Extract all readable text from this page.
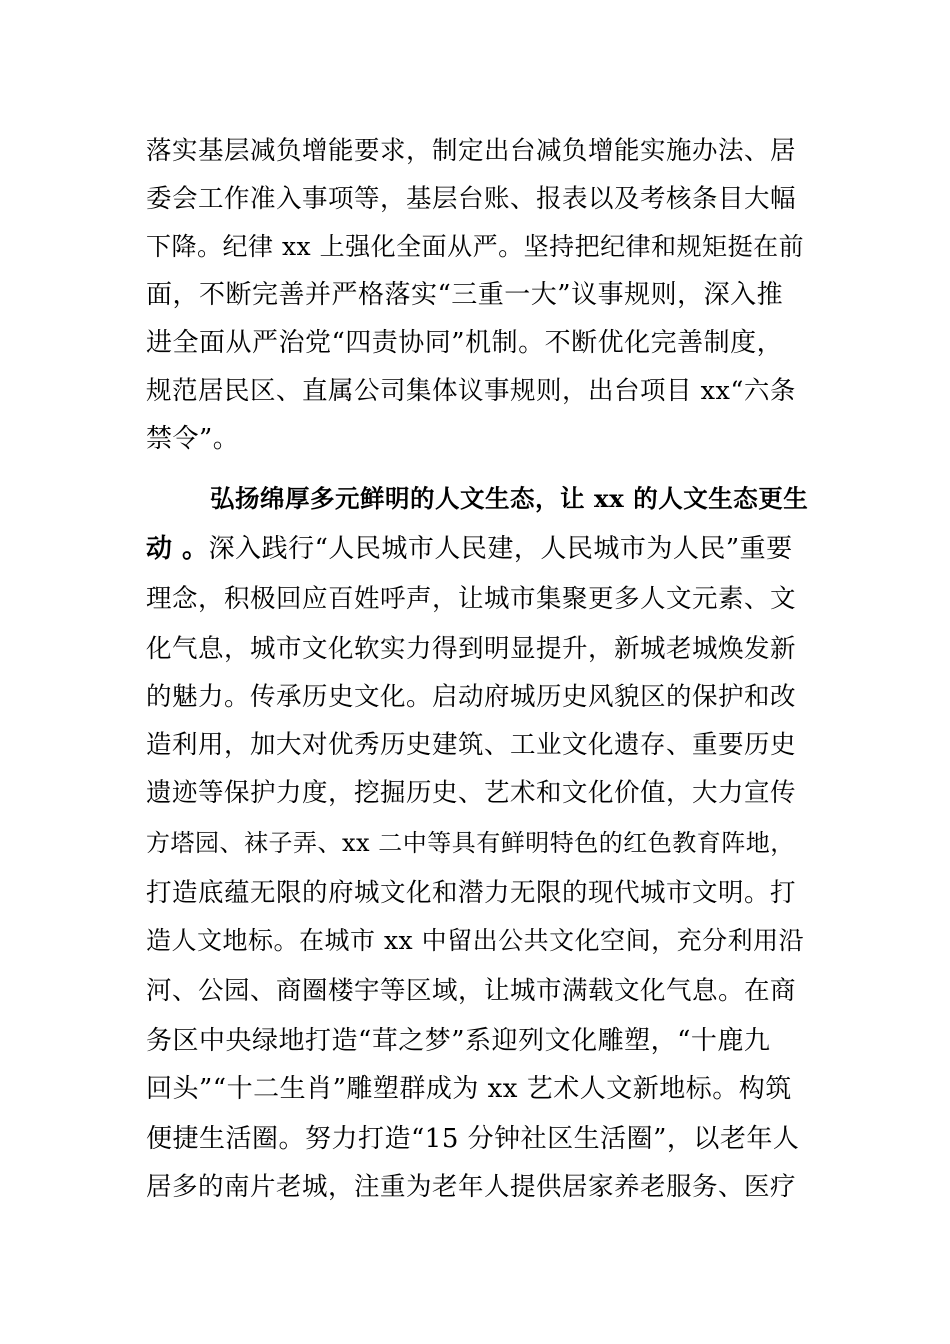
落实基层减负增能要求，制定出台减负增能实施办法、居
委会工作准入事项等，基层台账、报表以及考核条目大幅
下降。纪律 xx 上强化全面从严。坚持把纪律和规矩挺在前
面，不断完善并严格落实“三重一大”议事规则，深入推
进全面从严治党“四责协同”机制。不断优化完善制度，
规范居民区、直属公司集体议事规则，出台项目 xx“六条
禁令”。
弘扬绵厚多元鲜明的人文生态，让 xx 的人文生态更生
动 。深入践行“人民城市人民建，人民城市为人民”重要
理念，积极回应百姓呼声，让城市集聚更多人文元素、文
化气息，城市文化软实力得到明显提升，新城老城焕发新
的魅力。传承历史文化。启动府城历史风貌区的保护和改
造利用，加大对优秀历史建筑、工业文化遗存、重要历史
遗迹等保护力度，挖掘历史、艺术和文化价值，大力宣传
方塔园、袜子弄、xx 二中等具有鲜明特色的红色教育阵地，
打造底蕴无限的府城文化和潜力无限的现代城市文明。打
造人文地标。在城市 xx 中留出公共文化空间，充分利用沿
河、公园、商圈楼宇等区域，让城市满载文化气息。在商
务区中央绿地打造“茸之梦”系迎列文化雕塑，“十鹿九
回头”“十二生肖”雕塑群成为 xx 艺术人文新地标。构筑
便捷生活圈。努力打造“15 分钟社区生活圈”，以老年人
居多的南片老城，注重为老年人提供居家养老服务、医疗
